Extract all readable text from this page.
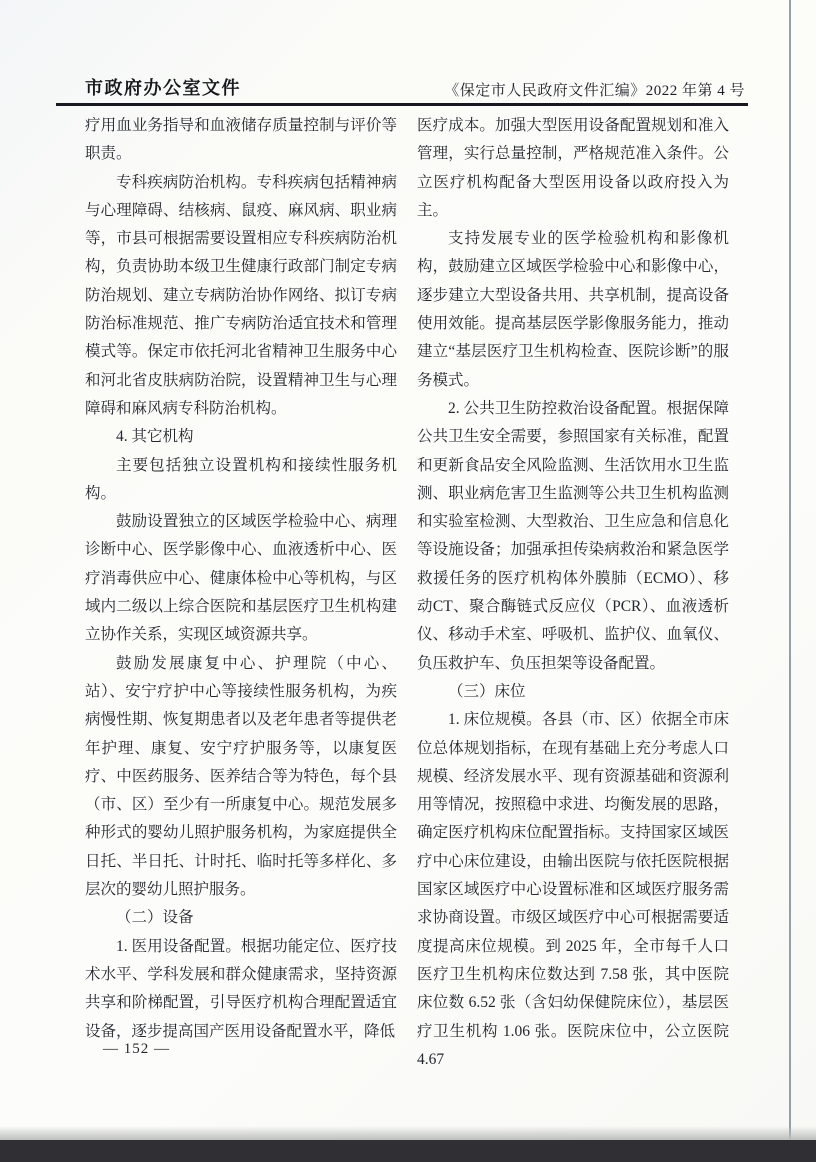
市政府办公室文件	《保定市人民政府文件汇编》2022 年第 4 号

疗用血业务指导和血液储存质量控制与评价等职责。

专科疾病防治机构。专科疾病包括精神病与心理障碍、结核病、鼠疫、麻风病、职业病等，市县可根据需要设置相应专科疾病防治机构，负责协助本级卫生健康行政部门制定专病防治规划、建立专病防治协作网络、拟订专病防治标准规范、推广专病防治适宜技术和管理模式等。保定市依托河北省精神卫生服务中心和河北省皮肤病防治院，设置精神卫生与心理障碍和麻风病专科防治机构。

4. 其它机构

主要包括独立设置机构和接续性服务机构。

鼓励设置独立的区域医学检验中心、病理诊断中心、医学影像中心、血液透析中心、医疗消毒供应中心、健康体检中心等机构，与区域内二级以上综合医院和基层医疗卫生机构建立协作关系，实现区域资源共享。

鼓励发展康复中心、护理院（中心、站）、安宁疗护中心等接续性服务机构，为疾病慢性期、恢复期患者以及老年患者等提供老年护理、康复、安宁疗护服务等，以康复医疗、中医药服务、医养结合等为特色，每个县（市、区）至少有一所康复中心。规范发展多种形式的婴幼儿照护服务机构，为家庭提供全日托、半日托、计时托、临时托等多样化、多层次的婴幼儿照护服务。

（二）设备

1. 医用设备配置。根据功能定位、医疗技术水平、学科发展和群众健康需求，坚持资源共享和阶梯配置，引导医疗机构合理配置适宜设备，逐步提高国产医用设备配置水平，降低

医疗成本。加强大型医用设备配置规划和准入管理，实行总量控制，严格规范准入条件。公立医疗机构配备大型医用设备以政府投入为主。

支持发展专业的医学检验机构和影像机构，鼓励建立区域医学检验中心和影像中心，逐步建立大型设备共用、共享机制，提高设备使用效能。提高基层医学影像服务能力，推动建立“基层医疗卫生机构检查、医院诊断”的服务模式。

2. 公共卫生防控救治设备配置。根据保障公共卫生安全需要，参照国家有关标准，配置和更新食品安全风险监测、生活饮用水卫生监测、职业病危害卫生监测等公共卫生机构监测和实验室检测、大型救治、卫生应急和信息化等设施设备；加强承担传染病救治和紧急医学救援任务的医疗机构体外膜肺（ECMO）、移动CT、聚合酶链式反应仪（PCR）、血液透析仪、移动手术室、呼吸机、监护仪、血氧仪、负压救护车、负压担架等设备配置。

（三）床位

1. 床位规模。各县（市、区）依据全市床位总体规划指标，在现有基础上充分考虑人口规模、经济发展水平、现有资源基础和资源利用等情况，按照稳中求进、均衡发展的思路，确定医疗机构床位配置指标。支持国家区域医疗中心床位建设，由输出医院与依托医院根据国家区域医疗中心设置标准和区域医疗服务需求协商设置。市级区域医疗中心可根据需要适度提高床位规模。到 2025 年，全市每千人口医疗卫生机构床位数达到 7.58 张，其中医院床位数 6.52 张（含妇幼保健院床位），基层医疗卫生机构 1.06 张。医院床位中，公立医院 4.67

— 152 —
